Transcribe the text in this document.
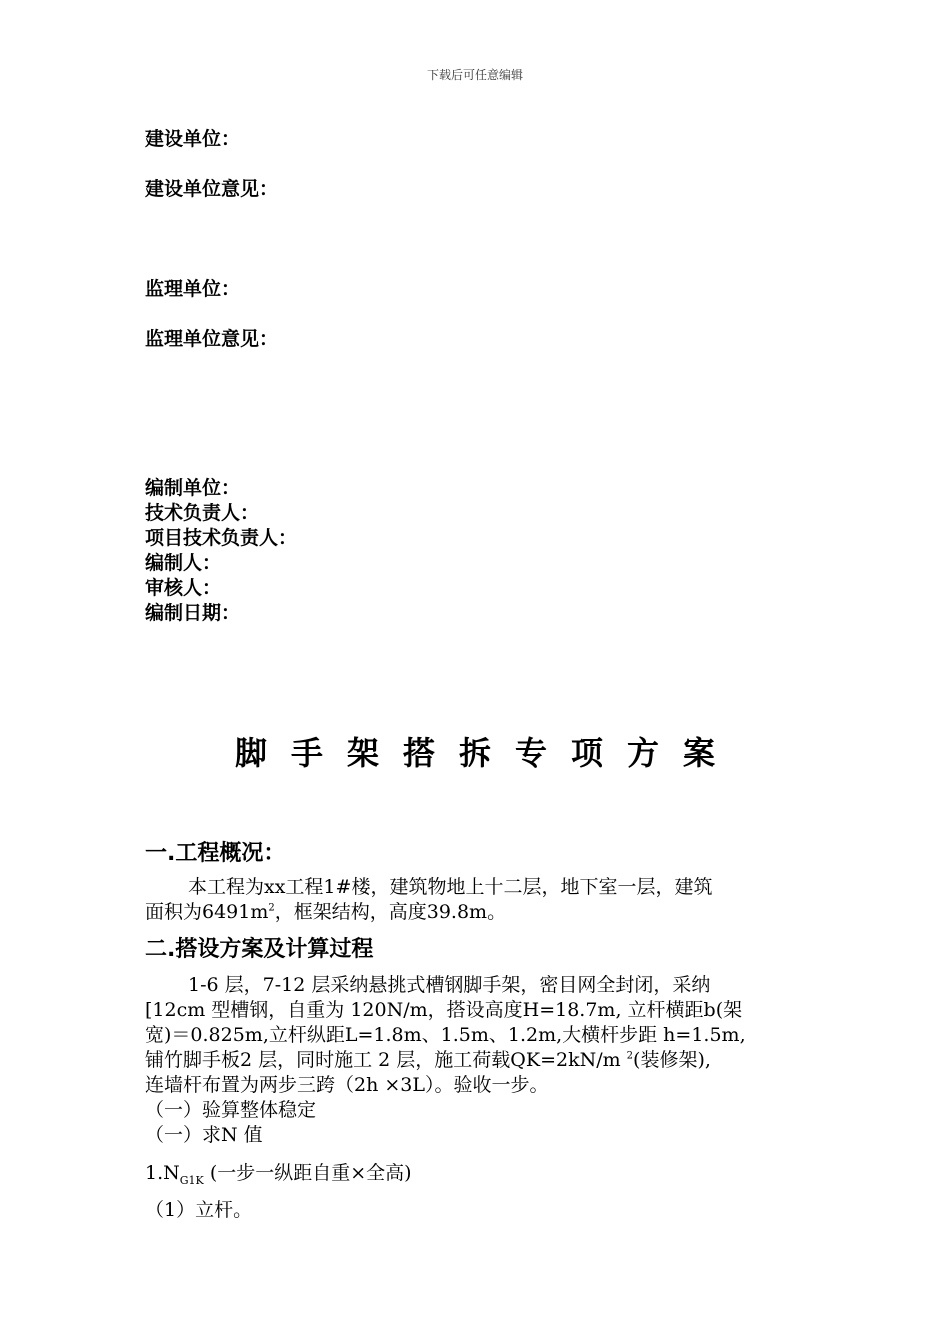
下载后可任意编辑
建设单位：
建设单位意见：
监理单位：
监理单位意见：
编制单位：
技术负责人：
项目技术负责人：
编制人：
审核人：
编制日期：
脚手架搭拆专项方案
一.工程概况：
本工程为xx工程1#楼，建筑物地上十二层，地下室一层，建筑
面积为$6491m^2$，框架结构，高度39.8m。
二.搭设方案及计算过程
1-6 层，7-12 层采纳悬挑式槽钢脚手架，密目网全封闭，采纳
[12cm 型槽钢，自重为 120N/m，搭设高度H=18.7m, 立杆横距b(架
宽)＝0.825m,立杆纵距L=1.8m、1.5m、1.2m,大横杆步距 h=1.5m,
铺竹脚手板2 层，同时施工 2 层，施工荷载QK=2kN/m $^2$(装修架),
连墙杆布置为两步三跨（2h ×3L）。验收一步。
（一）验算整体稳定
（一）求N 值
$1.N_{G1K}$ (一步一纵距自重×全高)
（1）立杆。
